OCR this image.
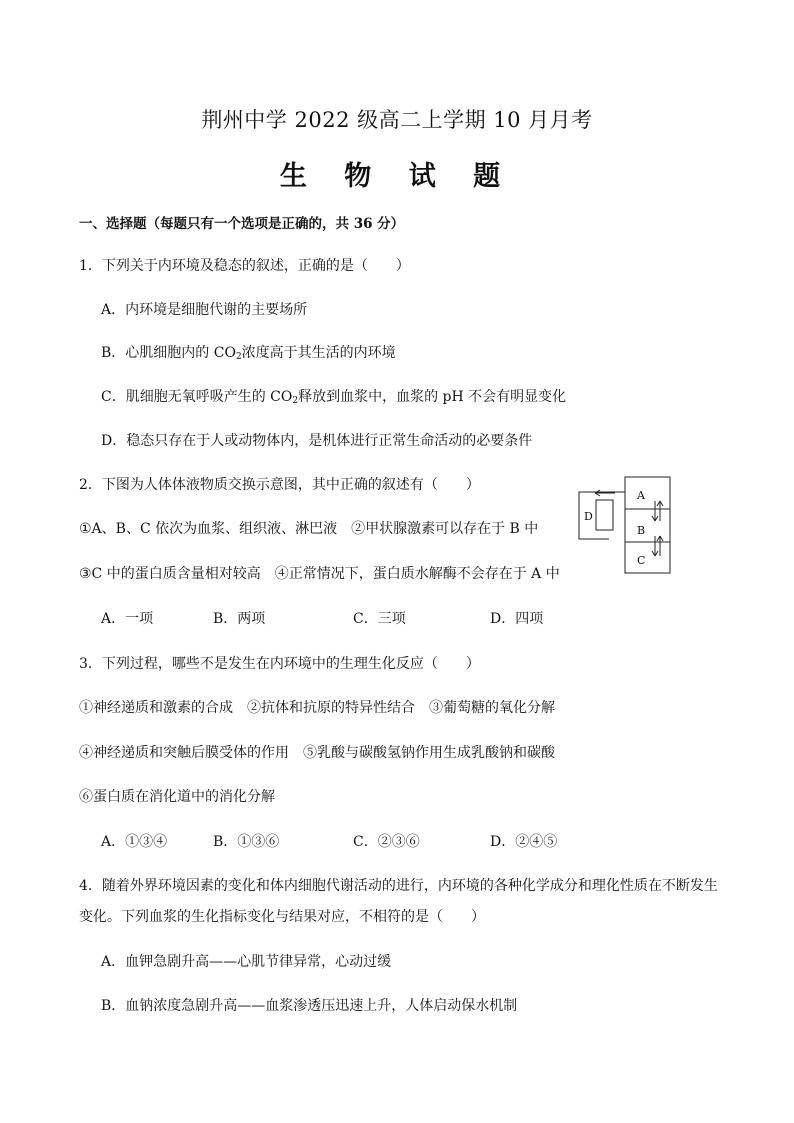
荆州中学 2022 级高二上学期 10 月月考
生 物 试 题
一、选择题（每题只有一个选项是正确的，共 36 分）
1．下列关于内环境及稳态的叙述，正确的是（　　）
A．内环境是细胞代谢的主要场所
B．心肌细胞内的 $CO_2$浓度高于其生活的内环境
C．肌细胞无氧呼吸产生的 $CO_2$释放到血浆中，血浆的 pH 不会有明显变化
D．稳态只存在于人或动物体内，是机体进行正常生命活动的必要条件
2．下图为人体体液物质交换示意图，其中正确的叙述有（　　）
①A、B、C 依次为血浆、组织液、淋巴液　②甲状腺激素可以存在于 B 中
③C 中的蛋白质含量相对较高　④正常情况下，蛋白质水解酶不会存在于 A 中
A．一项	B．两项	C．三项	D．四项
A
B
C
D
3．下列过程，哪些不是发生在内环境中的生理生化反应（　　）
①神经递质和激素的合成　②抗体和抗原的特异性结合　③葡萄糖的氧化分解
④神经递质和突触后膜受体的作用　⑤乳酸与碳酸氢钠作用生成乳酸钠和碳酸
⑥蛋白质在消化道中的消化分解
A．①③④	B．①③⑥	C．②③⑥	D．②④⑤
4．随着外界环境因素的变化和体内细胞代谢活动的进行，内环境的各种化学成分和理化性质在不断发生
变化。下列血浆的生化指标变化与结果对应，不相符的是（　　）
A．血钾急剧升高——心肌节律异常，心动过缓
B．血钠浓度急剧升高——血浆渗透压迅速上升，人体启动保水机制
